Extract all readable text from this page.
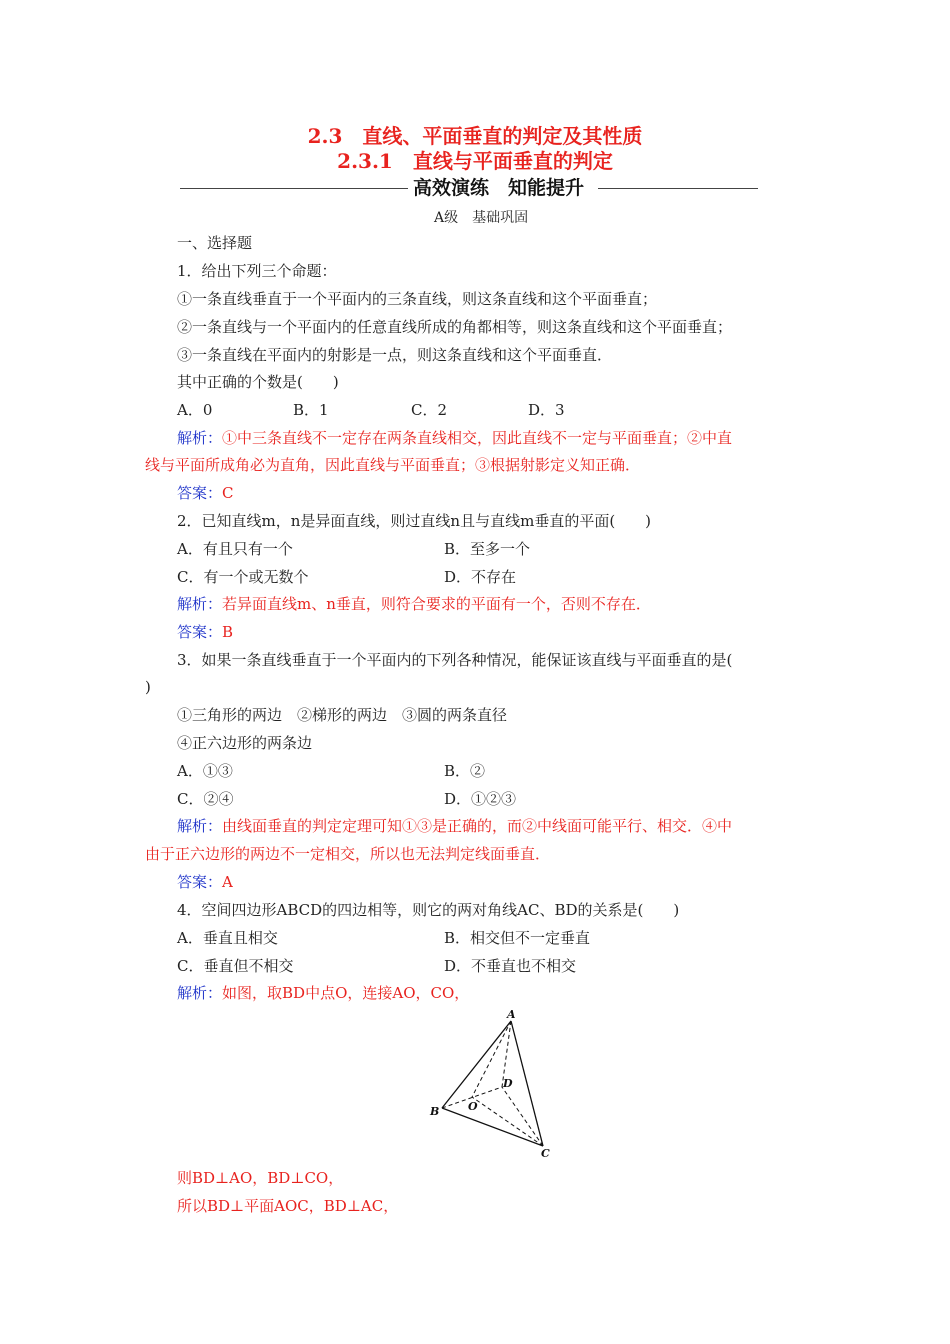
2.3　直线、平面垂直的判定及其性质
2.3.1　直线与平面垂直的判定
高效演练　知能提升
A级　基础巩固
一、选择题
1．给出下列三个命题：
①一条直线垂直于一个平面内的三条直线，则这条直线和这个平面垂直；
②一条直线与一个平面内的任意直线所成的角都相等，则这条直线和这个平面垂直；
③一条直线在平面内的射影是一点，则这条直线和这个平面垂直．
其中正确的个数是(　　)
A．0	B．1	C．2	D．3
解析：①中三条直线不一定存在两条直线相交，因此直线不一定与平面垂直；②中直
线与平面所成角必为直角，因此直线与平面垂直；③根据射影定义知正确．
答案：C
2．已知直线m，n是异面直线，则过直线n且与直线m垂直的平面(　　)
A．有且只有一个	B．至多一个
C．有一个或无数个	D．不存在
解析：若异面直线m、n垂直，则符合要求的平面有一个，否则不存在．
答案：B
3．如果一条直线垂直于一个平面内的下列各种情况，能保证该直线与平面垂直的是(
)
①三角形的两边　②梯形的两边　③圆的两条直径
④正六边形的两条边
A．①③	B．②
C．②④	D．①②③
解析：由线面垂直的判定定理可知①③是正确的，而②中线面可能平行、相交．④中
由于正六边形的两边不一定相交，所以也无法判定线面垂直．
答案：A
4．空间四边形ABCD的四边相等，则它的两对角线AC、BD的关系是(　　)
A．垂直且相交	B．相交但不一定垂直
C．垂直但不相交	D．不垂直也不相交
解析：如图，取BD中点O，连接AO，CO，
A
B
C
D
O
则BD⊥AO，BD⊥CO，
所以BD⊥平面AOC，BD⊥AC，
